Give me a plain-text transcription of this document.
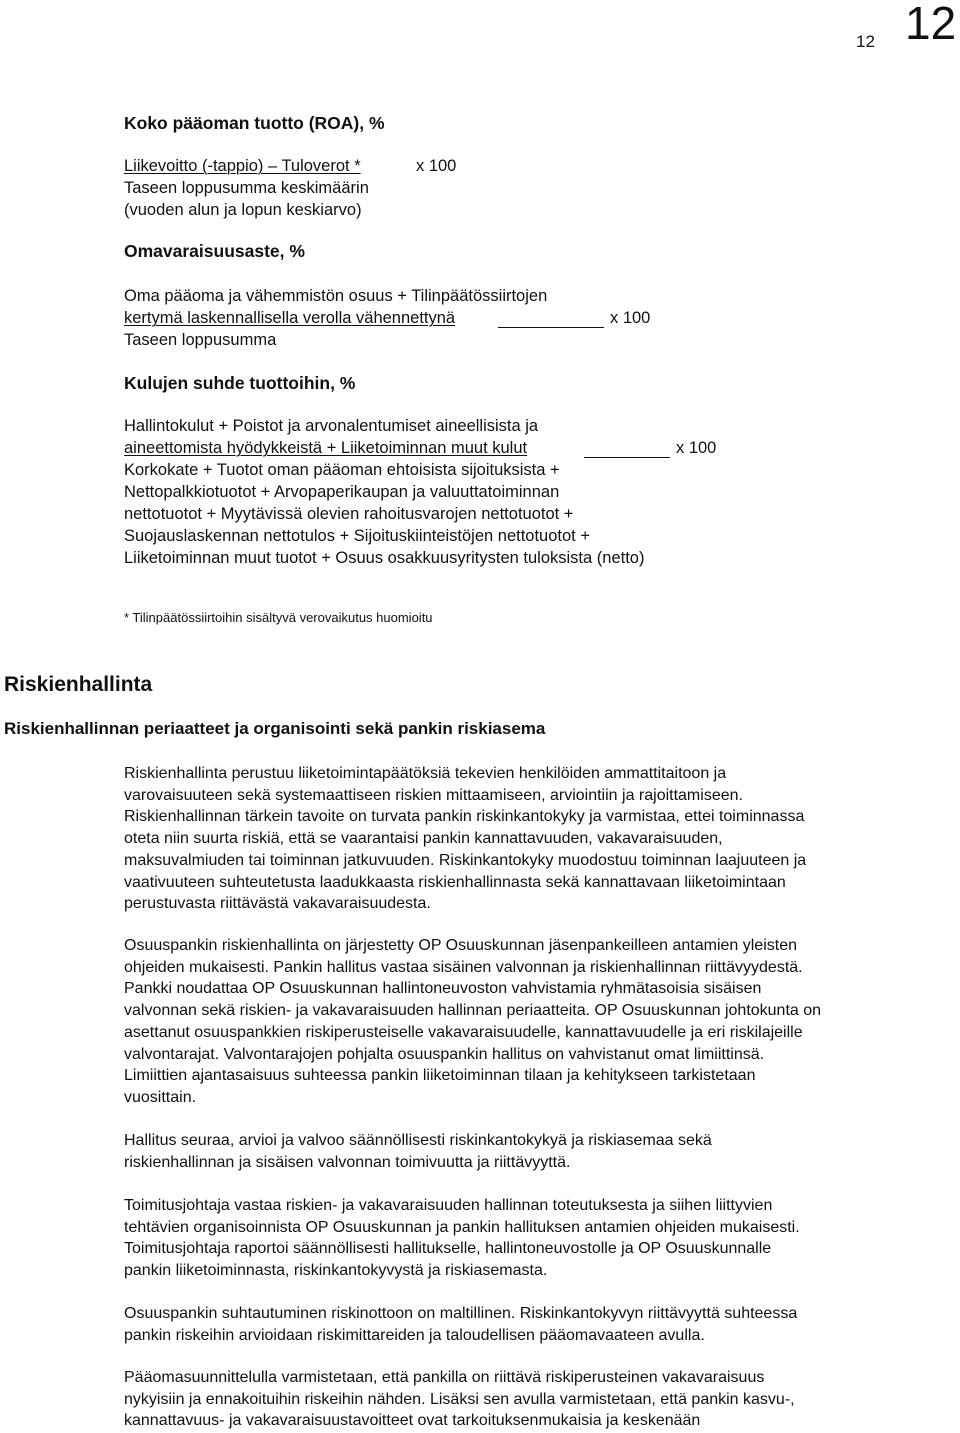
12 12
Koko pääoman tuotto (ROA), %
Liikevoitto (-tappio) – Tuloverot *	x 100
Taseen loppusumma keskimäärin
(vuoden alun ja lopun keskiarvo)
Omavaraisuusaste, %
Oma pääoma ja vähemmistön osuus + Tilinpäätössiirtojen
kertymä laskennallisella verolla vähennettynä	x 100
Taseen loppusumma
Kulujen suhde tuottoihin, %
Hallintokulut + Poistot ja arvonalentumiset aineellisista ja
aineettomista hyödykkeistä + Liiketoiminnan muut kulut	x 100
Korkokate + Tuotot oman pääoman ehtoisista sijoituksista +
Nettopalkkiotuotot + Arvopaperikaupan ja valuuttatoiminnan
nettotuotot + Myytävissä olevien rahoitusvarojen nettotuotot +
Suojauslaskennan nettotulos + Sijoituskiinteistöjen nettotuotot +
Liiketoiminnan muut tuotot + Osuus osakkuusyritysten tuloksista (netto)
* Tilinpäätössiirtoihin sisältyvä verovaikutus huomioitu
Riskienhallinta
Riskienhallinnan periaatteet ja organisointi sekä pankin riskiasema
Riskienhallinta perustuu liiketoimintapäätöksiä tekevien henkilöiden ammattitaitoon ja
varovaisuuteen sekä systemaattiseen riskien mittaamiseen, arviointiin ja rajoittamiseen.
Riskienhallinnan tärkein tavoite on turvata pankin riskinkantokyky ja varmistaa, ettei toiminnassa
oteta niin suurta riskiä, että se vaarantaisi pankin kannattavuuden, vakavaraisuuden,
maksuvalmiuden tai toiminnan jatkuvuuden. Riskinkantokyky muodostuu toiminnan laajuuteen ja
vaativuuteen suhteutetusta laadukkaasta riskienhallinnasta sekä kannattavaan liiketoimintaan
perustuvasta riittävästä vakavaraisuudesta.
Osuuspankin riskienhallinta on järjestetty OP Osuuskunnan jäsenpankeilleen antamien yleisten
ohjeiden mukaisesti. Pankin hallitus vastaa sisäinen valvonnan ja riskienhallinnan riittävyydestä.
Pankki noudattaa OP Osuuskunnan hallintoneuvoston vahvistamia ryhmätasoisia sisäisen
valvonnan sekä riskien- ja vakavaraisuuden hallinnan periaatteita. OP Osuuskunnan johtokunta on
asettanut osuuspankkien riskiperusteiselle vakavaraisuudelle, kannattavuudelle ja eri riskilajeille
valvontarajat. Valvontarajojen pohjalta osuuspankin hallitus on vahvistanut omat limiittinsä.
Limiittien ajantasaisuus suhteessa pankin liiketoiminnan tilaan ja kehitykseen tarkistetaan
vuosittain.
Hallitus seuraa, arvioi ja valvoo säännöllisesti riskinkantokykyä ja riskiasemaa sekä
riskienhallinnan ja sisäisen valvonnan toimivuutta ja riittävyyttä.
Toimitusjohtaja vastaa riskien- ja vakavaraisuuden hallinnan toteutuksesta ja siihen liittyvien
tehtävien organisoinnista OP Osuuskunnan ja pankin hallituksen antamien ohjeiden mukaisesti.
Toimitusjohtaja raportoi säännöllisesti hallitukselle, hallintoneuvostolle ja OP Osuuskunnalle
pankin liiketoiminnasta, riskinkantokyvystä ja riskiasemasta.
Osuuspankin suhtautuminen riskinottoon on maltillinen. Riskinkantokyvyn riittävyyttä suhteessa
pankin riskeihin arvioidaan riskimittareiden ja taloudellisen pääomavaateen avulla.
Pääomasuunnittelulla varmistetaan, että pankilla on riittävä riskiperusteinen vakavaraisuus
nykyisiin ja ennakoituihin riskeihin nähden. Lisäksi sen avulla varmistetaan, että pankin kasvu-,
kannattavuus- ja vakavaraisuustavoitteet ovat tarkoituksenmukaisia ja keskenään
